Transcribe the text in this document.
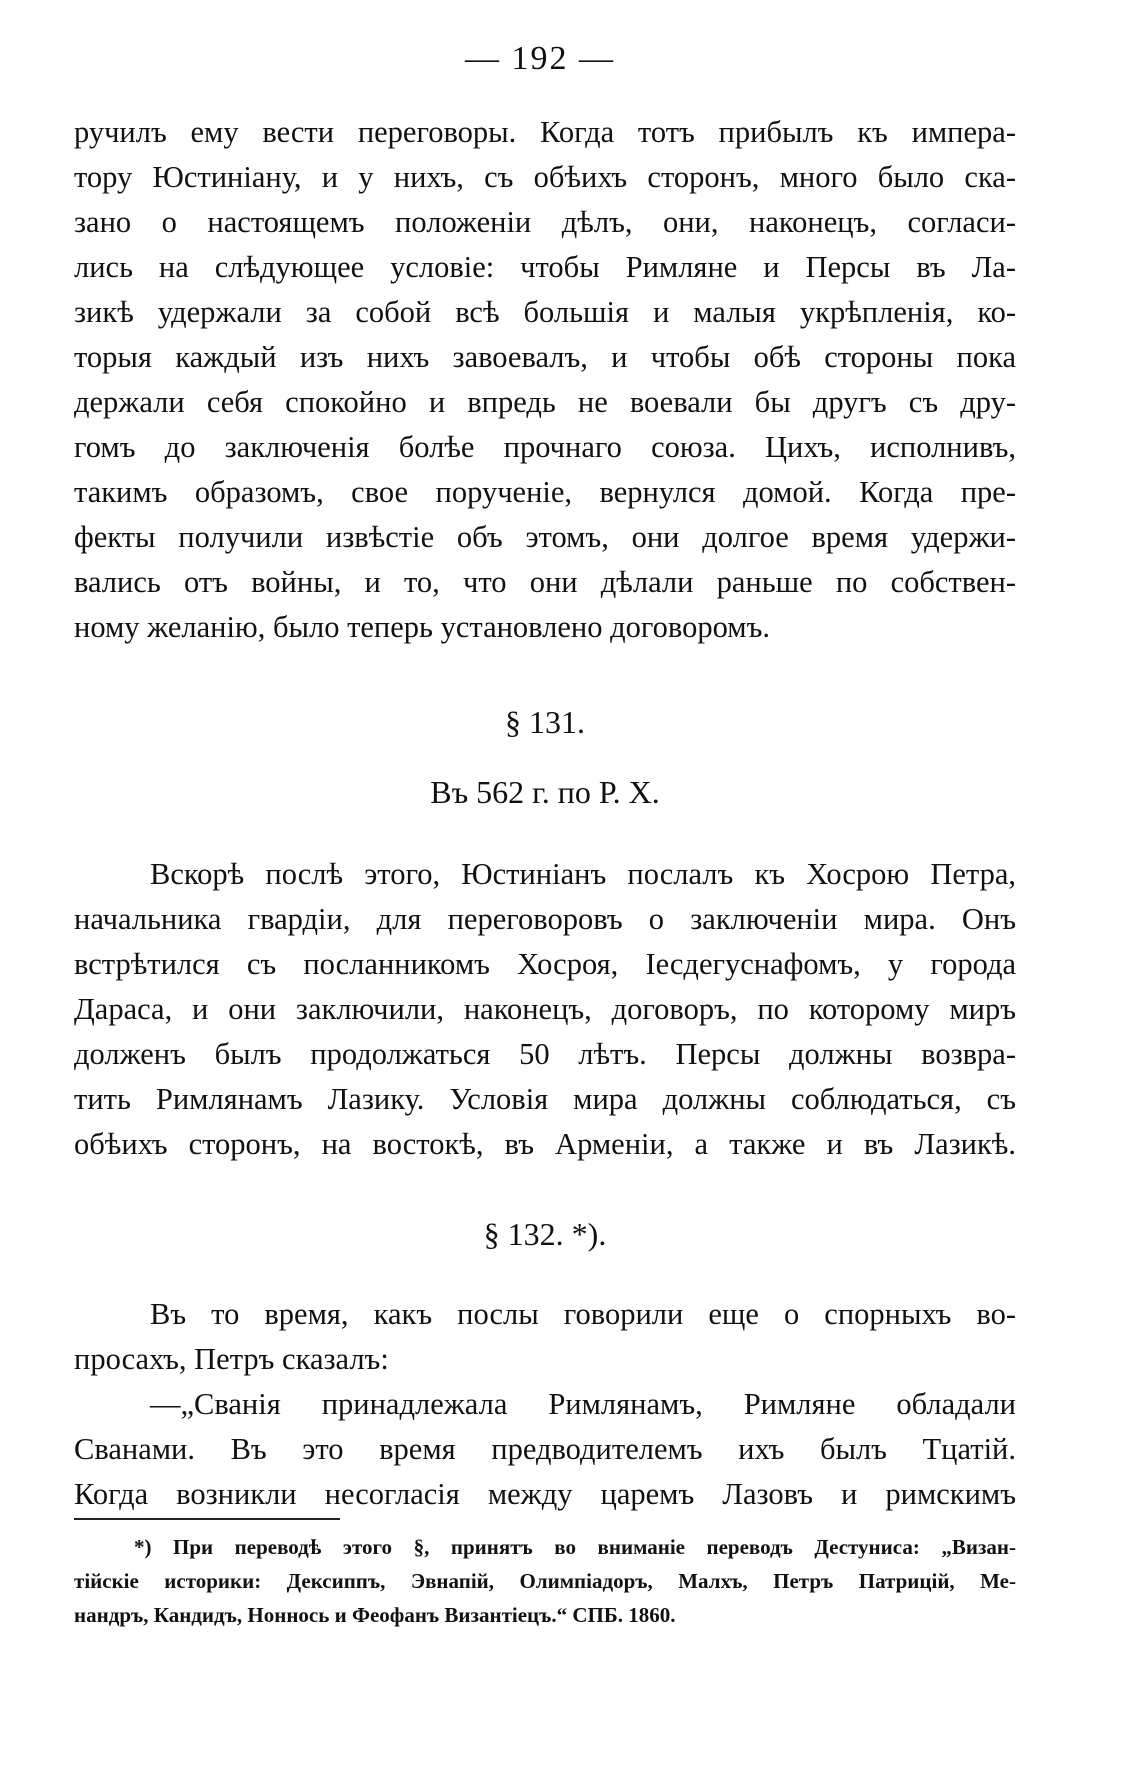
— 192 —
ручилъ ему вести переговоры. Когда тотъ прибылъ къ импера-
тору Юстиніану, и у нихъ, съ обѣихъ сторонъ, много было ска-
зано о настоящемъ положеніи дѣлъ, они, наконецъ, согласи-
лись на слѣдующее условіе: чтобы Римляне и Персы въ Ла-
зикѣ удержали за собой всѣ большія и малыя укрѣпленія, ко-
торыя каждый изъ нихъ завоевалъ, и чтобы обѣ стороны пока
держали себя спокойно и впредь не воевали бы другъ съ дру-
гомъ до заключенія болѣе прочнаго союза. Цихъ, исполнивъ,
такимъ образомъ, свое порученіе, вернулся домой. Когда пре-
фекты получили извѣстіе объ этомъ, они долгое время удержи-
вались отъ войны, и то, что они дѣлали раньше по собствен-
ному желанію, было теперь установлено договоромъ.
§ 131.
Въ 562 г. по Р. Х.
Вскорѣ послѣ этого, Юстиніанъ послалъ къ Хосрою Петра,
начальника гвардіи, для переговоровъ о заключеніи мира. Онъ
встрѣтился съ посланникомъ Хосроя, Іесдегуснафомъ, у города
Дараса, и они заключили, наконецъ, договоръ, по которому миръ
долженъ былъ продолжаться 50 лѣтъ. Персы должны возвра-
тить Римлянамъ Лазику. Условія мира должны соблюдаться, съ
обѣихъ сторонъ, на востокѣ, въ Арменіи, а также и въ Лазикѣ.
§ 132. *).
Въ то время, какъ послы говорили еще о спорныхъ во-
просахъ, Петръ сказалъ:
—„Сванія принадлежала Римлянамъ, Римляне обладали
Сванами. Въ это время предводителемъ ихъ былъ Тцатій.
Когда возникли несогласія между царемъ Лазовъ и римскимъ
*) При переводѣ этого §, принятъ во вниманіе переводъ Дестуниса: „Визан-
тійскіе историки: Дексиппъ, Эвнапій, Олимпіадоръ, Малхъ, Петръ Патрицій, Ме-
нандръ, Кандидъ, Ноннось и Феофанъ Византіецъ.“ СПБ. 1860.
